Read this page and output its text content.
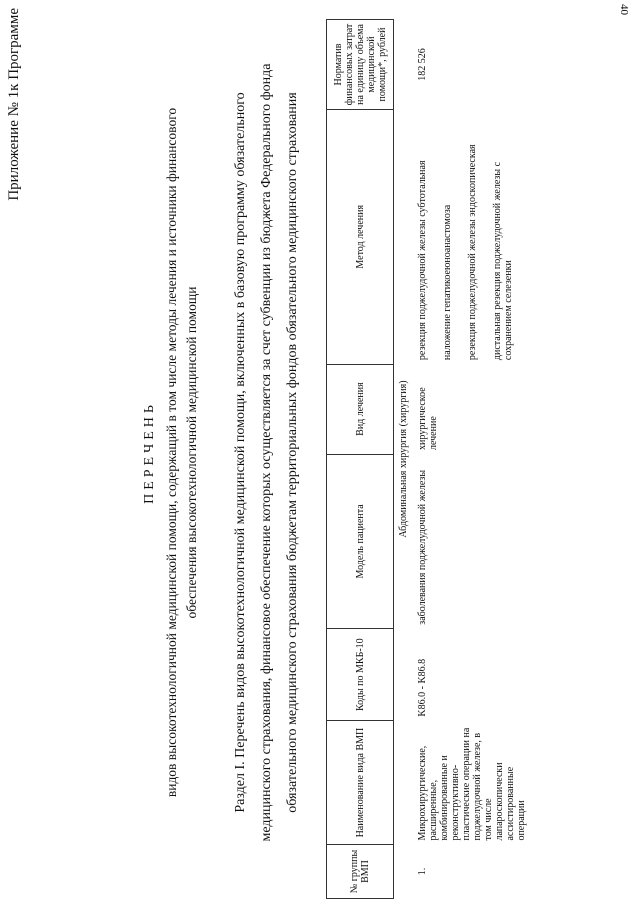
40
Приложение № 1к Программе
ПЕРЕЧЕНЬ видов высокотехнологичной медицинской помощи, содержащий в том числе методы лечения и источники финансового обеспечения высокотехнологичной медицинской помощи	Раздел I. Перечень видов высокотехнологичной медицинской помощи, включенных в базовую программу обязательного медицинского страхования, финансовое обеспечение которых осуществляется за счет субвенции из бюджета Федерального фонда обязательного медицинского страхования бюджетам территориальных фондов обязательного медицинского страхования
№ группы ВМП	Наименование вида ВМП	Коды по МКБ-10	Модель пациента	Вид лечения	Метод лечения	Норматив финансовых затрат на единицу объема медицинской помощи*, рублей
Абдоминальная хирургия (хирургия)						
1.	Микрохирургические, расширенные, комбинированные и реконструктивно-пластические операции на поджелудочной железе, в том числе лапароскопически ассистированные операции	K86.0 - K86.8	заболевания поджелудочной железы	хирургическое лечение	резекция поджелудочной железы субтотальная наложение гепатикоеюноанастомоза резекция поджелудочной железы эндоскопическая дистальная резекция поджелудочной железы с сохранением селезенки	182 526
